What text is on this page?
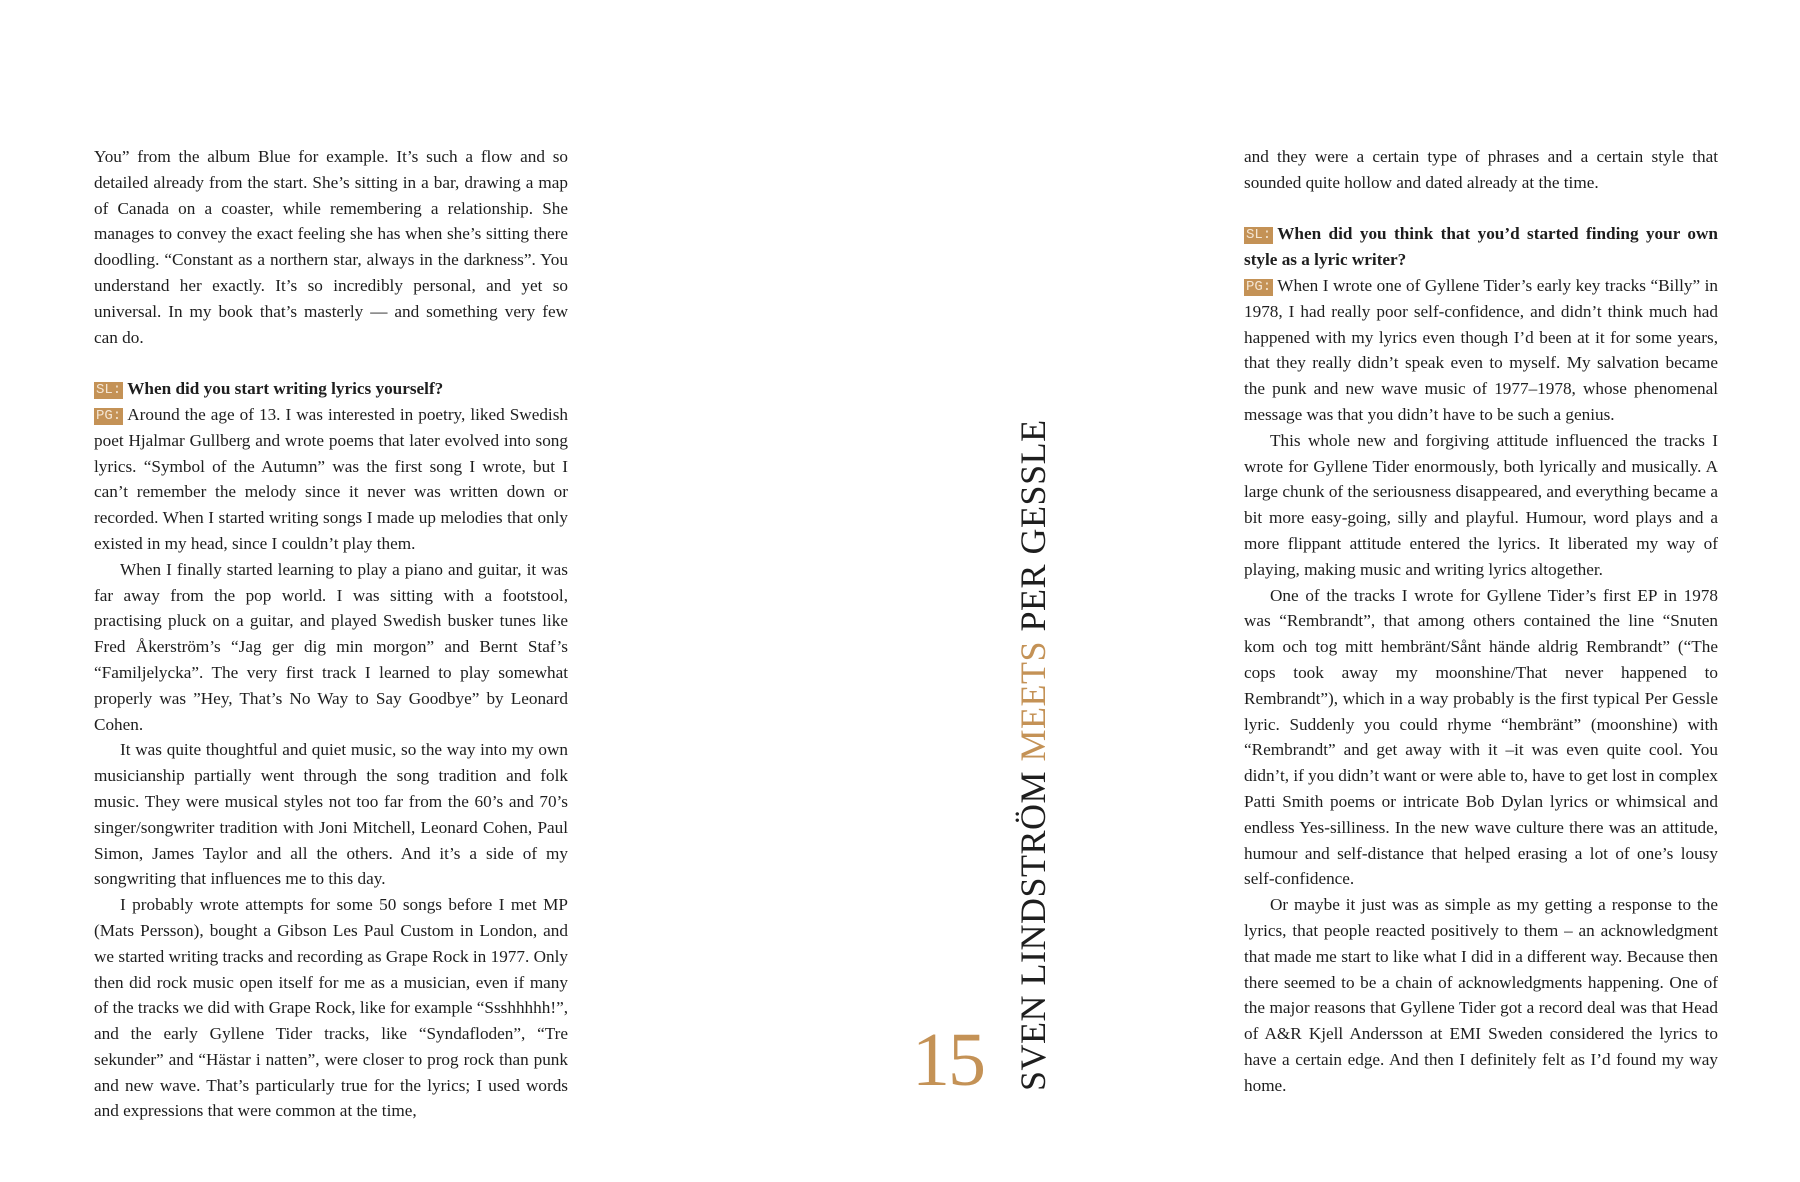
You” from the album Blue for example. It’s such a flow and so detailed already from the start. She’s sitting in a bar, drawing a map of Canada on a coaster, while remembering a relationship. She manages to convey the exact feeling she has when she’s sitting there doodling. “Constant as a northern star, always in the darkness”. You understand her exactly. It’s so incredibly personal, and yet so universal. In my book that’s masterly — and something very few can do.

SL: When did you start writing lyrics yourself?

PG: Around the age of 13. I was interested in poetry, liked Swedish poet Hjalmar Gullberg and wrote poems that later evolved into song lyrics. “Symbol of the Autumn” was the first song I wrote, but I can’t remember the melody since it never was written down or recorded. When I started writing songs I made up melodies that only existed in my head, since I couldn’t play them.

When I finally started learning to play a piano and guitar, it was far away from the pop world. I was sitting with a footstool, practising pluck on a guitar, and played Swedish busker tunes like Fred Åkerström’s “Jag ger dig min morgon” and Bernt Staf’s “Familjelycka”. The very first track I learned to play somewhat properly was ”Hey, That’s No Way to Say Goodbye” by Leonard Cohen.

It was quite thoughtful and quiet music, so the way into my own musicianship partially went through the song tradition and folk music. They were musical styles not too far from the 60’s and 70’s singer/songwriter tradition with Joni Mitchell, Leonard Cohen, Paul Simon, James Taylor and all the others. And it’s a side of my songwriting that influences me to this day.

I probably wrote attempts for some 50 songs before I met MP (Mats Persson), bought a Gibson Les Paul Custom in London, and we started writing tracks and recording as Grape Rock in 1977. Only then did rock music open itself for me as a musician, even if many of the tracks we did with Grape Rock, like for example “Ssshhhhh!”, and the early Gyllene Tider tracks, like “Syndafloden”, “Tre sekunder” and “Hästar i natten”, were closer to prog rock than punk and new wave. That’s particularly true for the lyrics; I used words and expressions that were common at the time,

SVEN LINDSTRÖM MEETS PER GESSLE
15

and they were a certain type of phrases and a certain style that sounded quite hollow and dated already at the time.

SL: When did you think that you’d started finding your own style as a lyric writer?

PG: When I wrote one of Gyllene Tider’s early key tracks “Billy” in 1978, I had really poor self-confidence, and didn’t think much had happened with my lyrics even though I’d been at it for some years, that they really didn’t speak even to myself. My salvation became the punk and new wave music of 1977–1978, whose phenomenal message was that you didn’t have to be such a genius.

This whole new and forgiving attitude influenced the tracks I wrote for Gyllene Tider enormously, both lyrically and musically. A large chunk of the seriousness disappeared, and everything became a bit more easy-going, silly and playful. Humour, word plays and a more flippant attitude entered the lyrics. It liberated my way of playing, making music and writing lyrics altogether.

One of the tracks I wrote for Gyllene Tider’s first EP in 1978 was “Rembrandt”, that among others contained the line “Snuten kom och tog mitt hembränt/Sånt hände aldrig Rembrandt” (“The cops took away my moonshine/That never happened to Rembrandt”), which in a way probably is the first typical Per Gessle lyric. Suddenly you could rhyme “hembränt” (moonshine) with “Rembrandt” and get away with it –it was even quite cool. You didn’t, if you didn’t want or were able to, have to get lost in complex Patti Smith poems or intricate Bob Dylan lyrics or whimsical and endless Yes-silliness. In the new wave culture there was an attitude, humour and self-distance that helped erasing a lot of one’s lousy self-confidence.

Or maybe it just was as simple as my getting a response to the lyrics, that people reacted positively to them – an acknowledgment that made me start to like what I did in a different way. Because then there seemed to be a chain of acknowledgments happening. One of the major reasons that Gyllene Tider got a record deal was that Head of A&R Kjell Andersson at EMI Sweden considered the lyrics to have a certain edge. And then I definitely felt as I’d found my way home.
